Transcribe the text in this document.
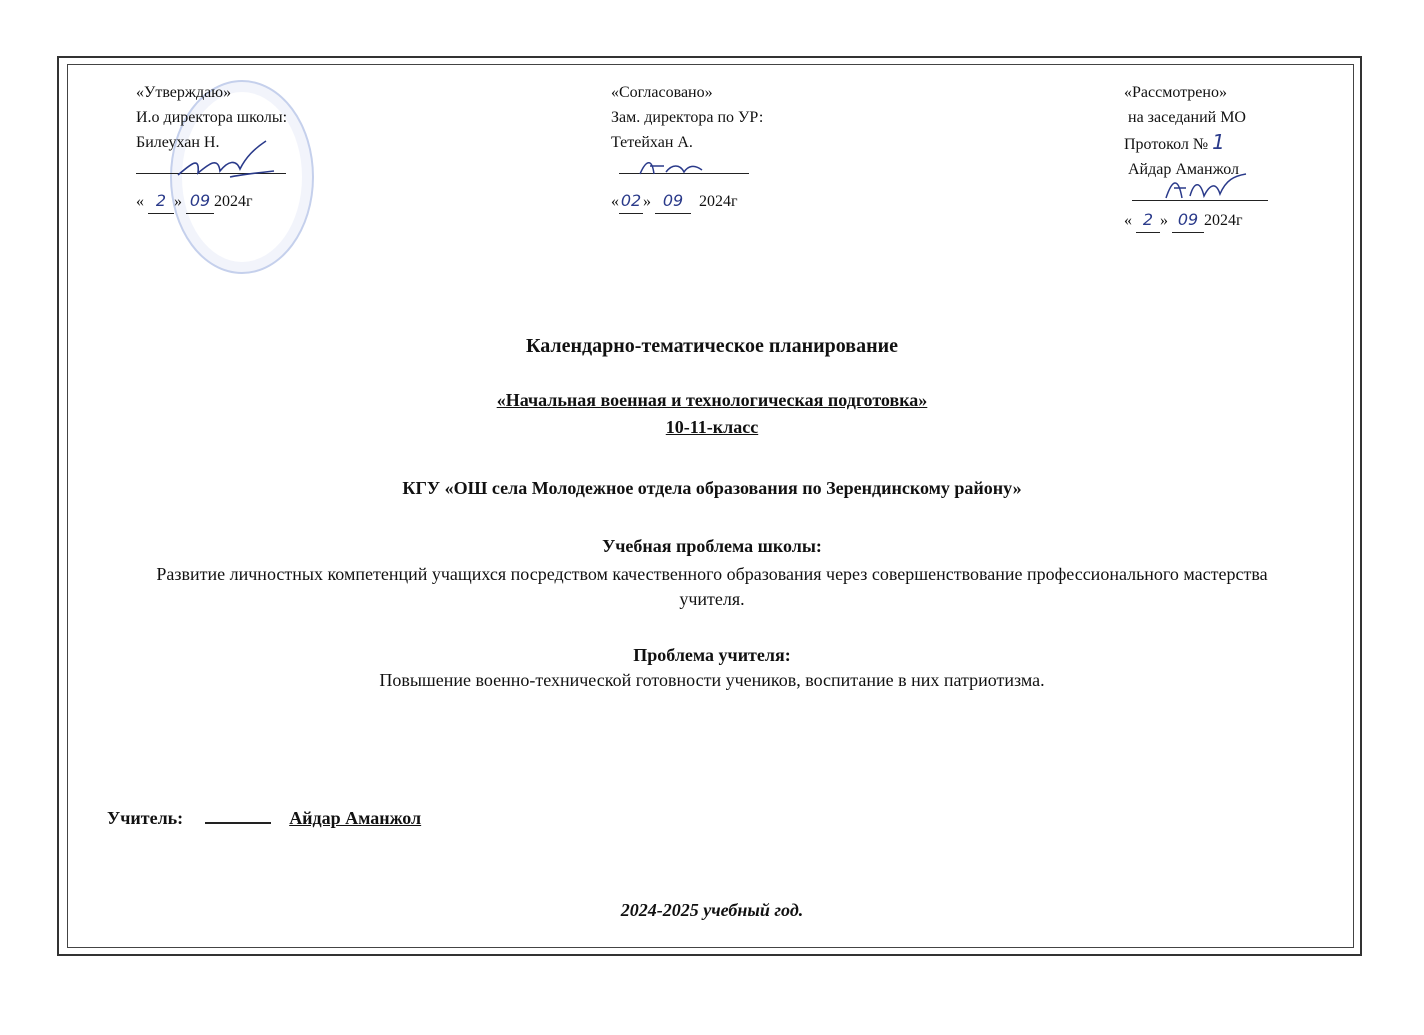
«Утверждаю»
И.о директора школы:
Билеухан Н.
« 2 » 09 2024г
«Согласовано»
Зам. директора по УР:
Тетейхан А.
« 02 » 09 2024г
«Рассмотрено»
на заседаний МО
Протокол № 1
Айдар Аманжол
« 2 » 09 2024г
Календарно-тематическое планирование
«Начальная военная и технологическая подготовка»
10-11-класс
КГУ «ОШ села Молодежное отдела образования по Зерендинскому району»
Учебная проблема школы:
Развитие личностных компетенций учащихся посредством качественного образования через совершенствование профессионального мастерства учителя.
Проблема учителя:
Повышение военно-технической готовности учеников, воспитание в них патриотизма.
Учитель:	Айдар Аманжол
2024-2025 учебный год.
